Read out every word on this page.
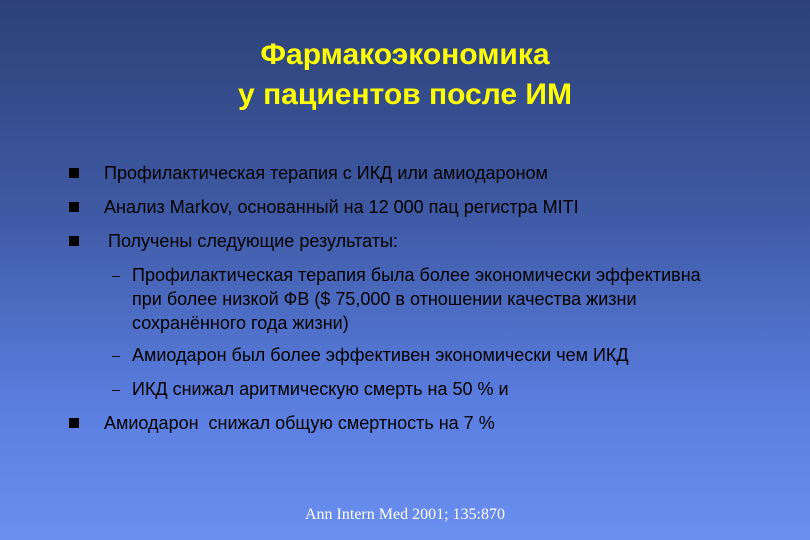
Фармакоэкономика
у пациентов после ИМ
Профилактическая терапия с ИКД или амиодароном
Анализ Markov, основанный на 12 000 пац регистра MITI
Получены следующие результаты:
– Профилактическая терапия была более экономически эффективна при более низкой ФВ ($ 75,000 в отношении качества жизни сохранённого года жизни)
– Амиодарон был более эффективен экономически чем ИКД
– ИКД снижал аритмическую смерть на 50 % и
Амиодарон  снижал общую смертность на 7 %
Ann Intern Med 2001; 135:870
